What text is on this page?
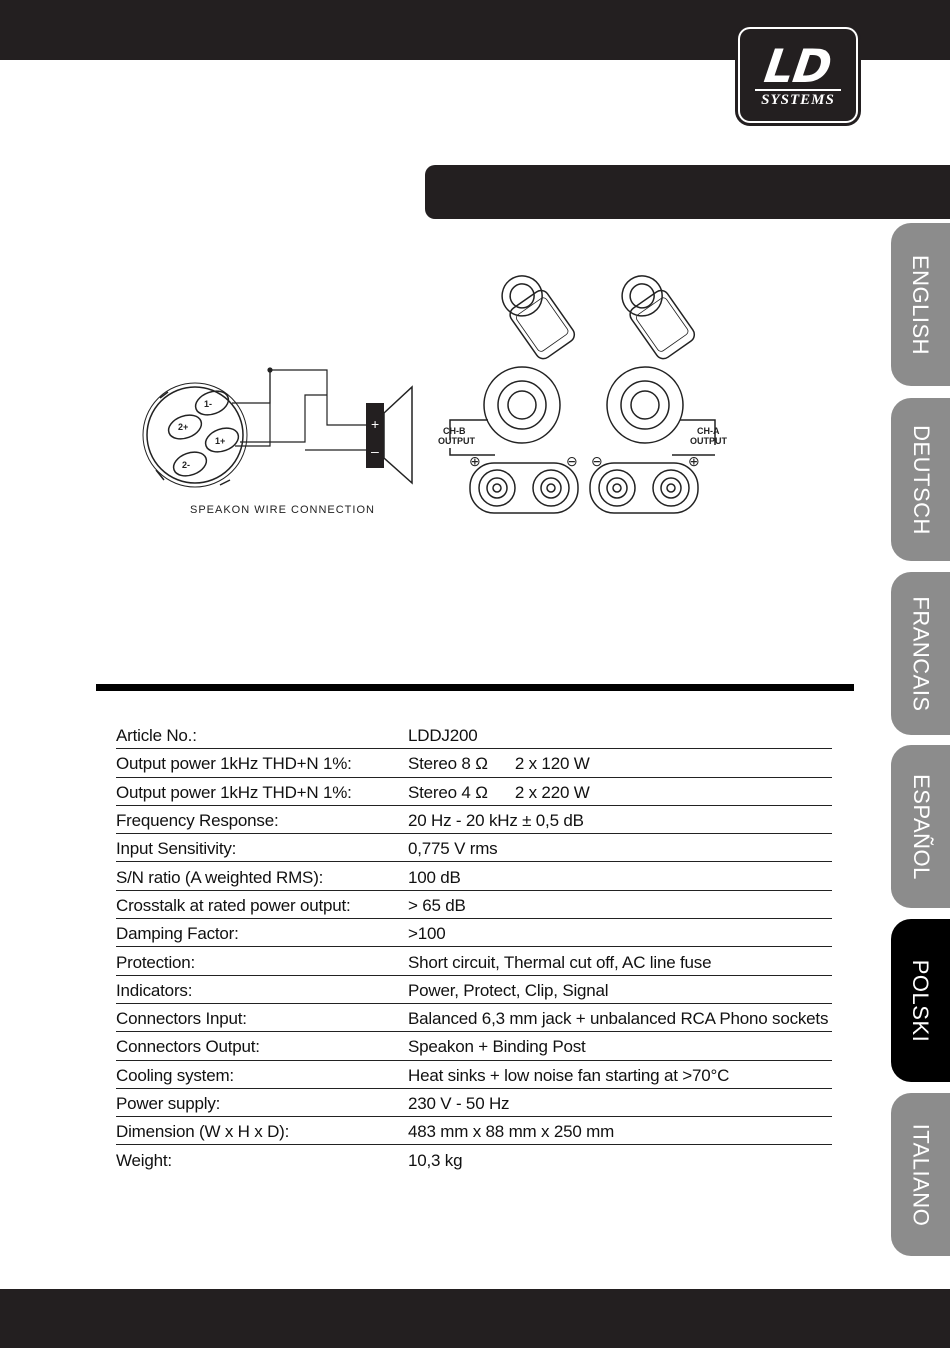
LD
SYSTEMS
ENGLISH
DEUTSCH
FRANCAIS
ESPAÑOL
POLSKI
ITALIANO
1-
2+
1+
2-
+
–
SPEAKON WIRE CONNECTION
CH-B
OUTPUT
CH-A
OUTPUT
⊕	⊖ ⊖	⊕
Article No.:	LDDJ200
Output power 1kHz THD+N 1%:	Stereo 8 Ω      2 x 120 W
Output power 1kHz THD+N 1%:	Stereo 4 Ω      2 x 220 W
Frequency Response:	20 Hz - 20 kHz ± 0,5 dB
Input Sensitivity:	0,775 V rms
S/N ratio (A weighted RMS):	100 dB
Crosstalk at rated power output:	> 65 dB
Damping Factor:	>100
Protection:	Short circuit, Thermal cut off, AC line fuse
Indicators:	Power, Protect, Clip, Signal
Connectors Input:	Balanced 6,3 mm jack + unbalanced RCA Phono sockets
Connectors Output:	Speakon + Binding Post
Cooling system:	Heat sinks + low noise fan starting at >70°C
Power supply:	230 V - 50 Hz
Dimension (W x H x D):	483 mm x 88 mm x 250 mm
Weight:	10,3 kg
